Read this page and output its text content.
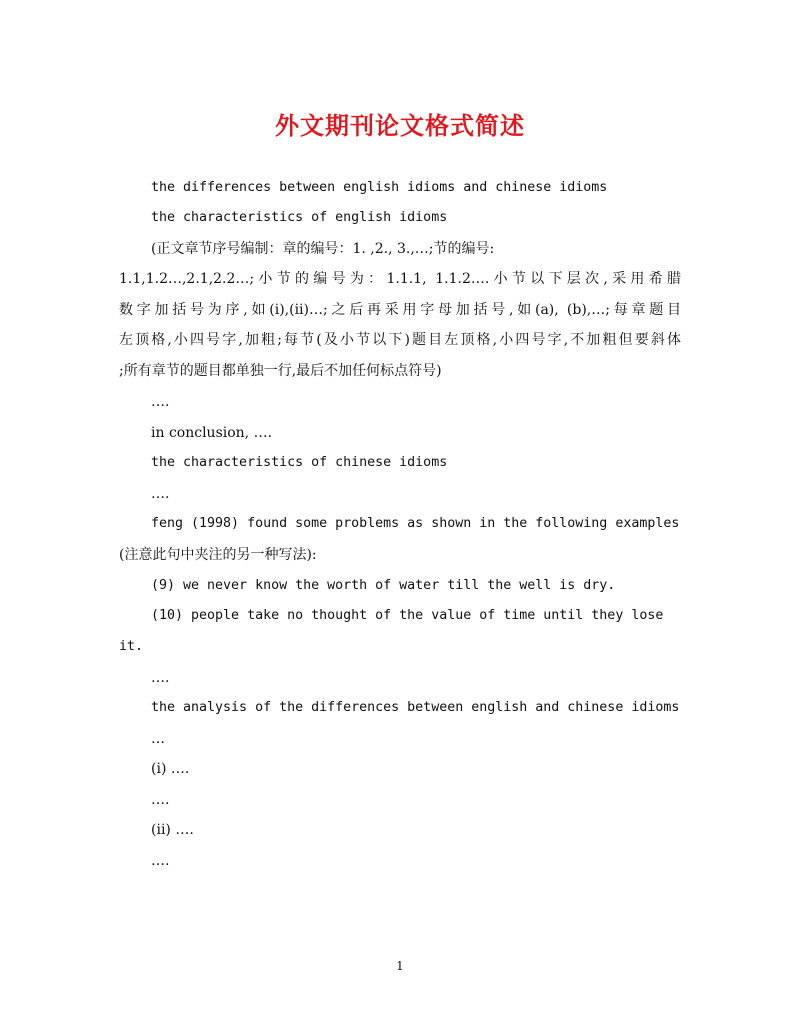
外文期刊论文格式简述
the differences between english idioms and chinese idioms
the characteristics of english idioms
(正文章节序号编制：章的编号：1. ,2., 3.,…;节的编号:
1.1,1.2…,2.1,2.2…;小节的编号为：1.1.1, 1.1.2….小节以下层次,采用希腊
数字加括号为序,如(i),(ii)…;之后再采用字母加括号,如(a), (b),…;每章题目
左顶格,小四号字,加粗;每节(及小节以下)题目左顶格,小四号字,不加粗但要斜体
;所有章节的题目都单独一行,最后不加任何标点符号)
….
in conclusion, ….
the characteristics of chinese idioms
….
feng (1998) found some problems as shown in the following examples
(注意此句中夹注的另一种写法):
(9) we never know the worth of water till the well is dry.
(10) people take no thought of the value of time until they lose
it.
….
the analysis of the differences between english and chinese idioms
…
(i) ….
….
(ii) ….
….
1
